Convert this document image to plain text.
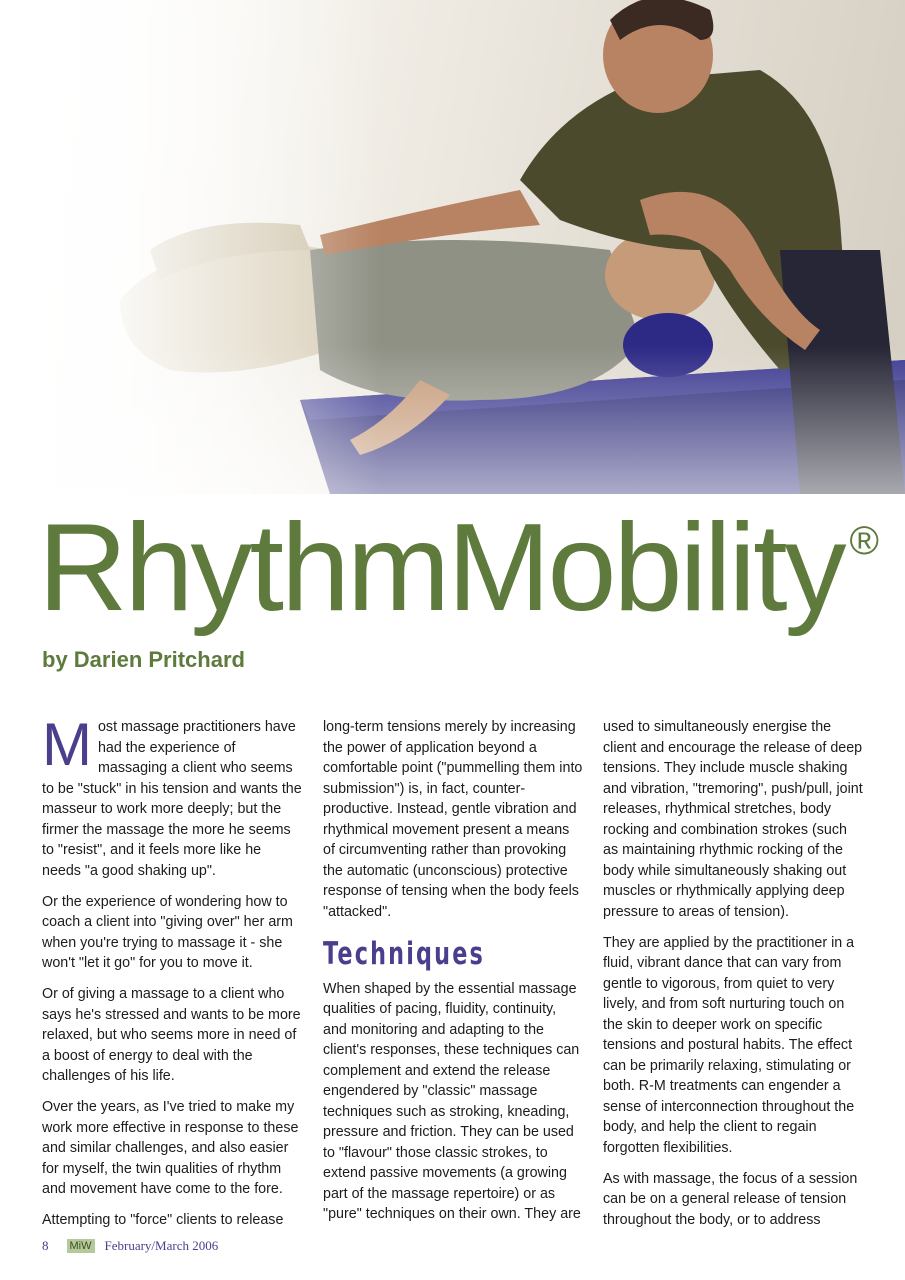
RhythmMobility ®
by Darien Pritchard

Most massage practitioners have had the experience of massaging a client who seems to be "stuck" in his tension and wants the masseur to work more deeply; but the firmer the massage the more he seems to "resist", and it feels more like he needs "a good shaking up".

Or the experience of wondering how to coach a client into "giving over" her arm when you're trying to massage it - she won't "let it go" for you to move it.

Or of giving a massage to a client who says he's stressed and wants to be more relaxed, but who seems more in need of a boost of energy to deal with the challenges of his life.

Over the years, as I've tried to make my work more effective in response to these and similar challenges, and also easier for myself, the twin qualities of rhythm and movement have come to the fore.

Attempting to "force" clients to release

long-term tensions merely by increasing the power of application beyond a comfortable point ("pummelling them into submission") is, in fact, counter-productive. Instead, gentle vibration and rhythmical movement present a means of circumventing rather than provoking the automatic (unconscious) protective response of tensing when the body feels "attacked".

Techniques

When shaped by the essential massage qualities of pacing, fluidity, continuity, and monitoring and adapting to the client's responses, these techniques can complement and extend the release engendered by "classic" massage techniques such as stroking, kneading, pressure and friction. They can be used to "flavour" those classic strokes, to extend passive movements (a growing part of the massage repertoire) or as "pure" techniques on their own. They are

used to simultaneously energise the client and encourage the release of deep tensions. They include muscle shaking and vibration, "tremoring", push/pull, joint releases, rhythmical stretches, body rocking and combination strokes (such as maintaining rhythmic rocking of the body while simultaneously shaking out muscles or rhythmically applying deep pressure to areas of tension).

They are applied by the practitioner in a fluid, vibrant dance that can vary from gentle to vigorous, from quiet to very lively, and from soft nurturing touch on the skin to deeper work on specific tensions and postural habits. The effect can be primarily relaxing, stimulating or both. R-M treatments can engender a sense of interconnection throughout the body, and help the client to regain forgotten flexibilities.

As with massage, the focus of a session can be on a general release of tension throughout the body, or to address

8 MiW February/March 2006
